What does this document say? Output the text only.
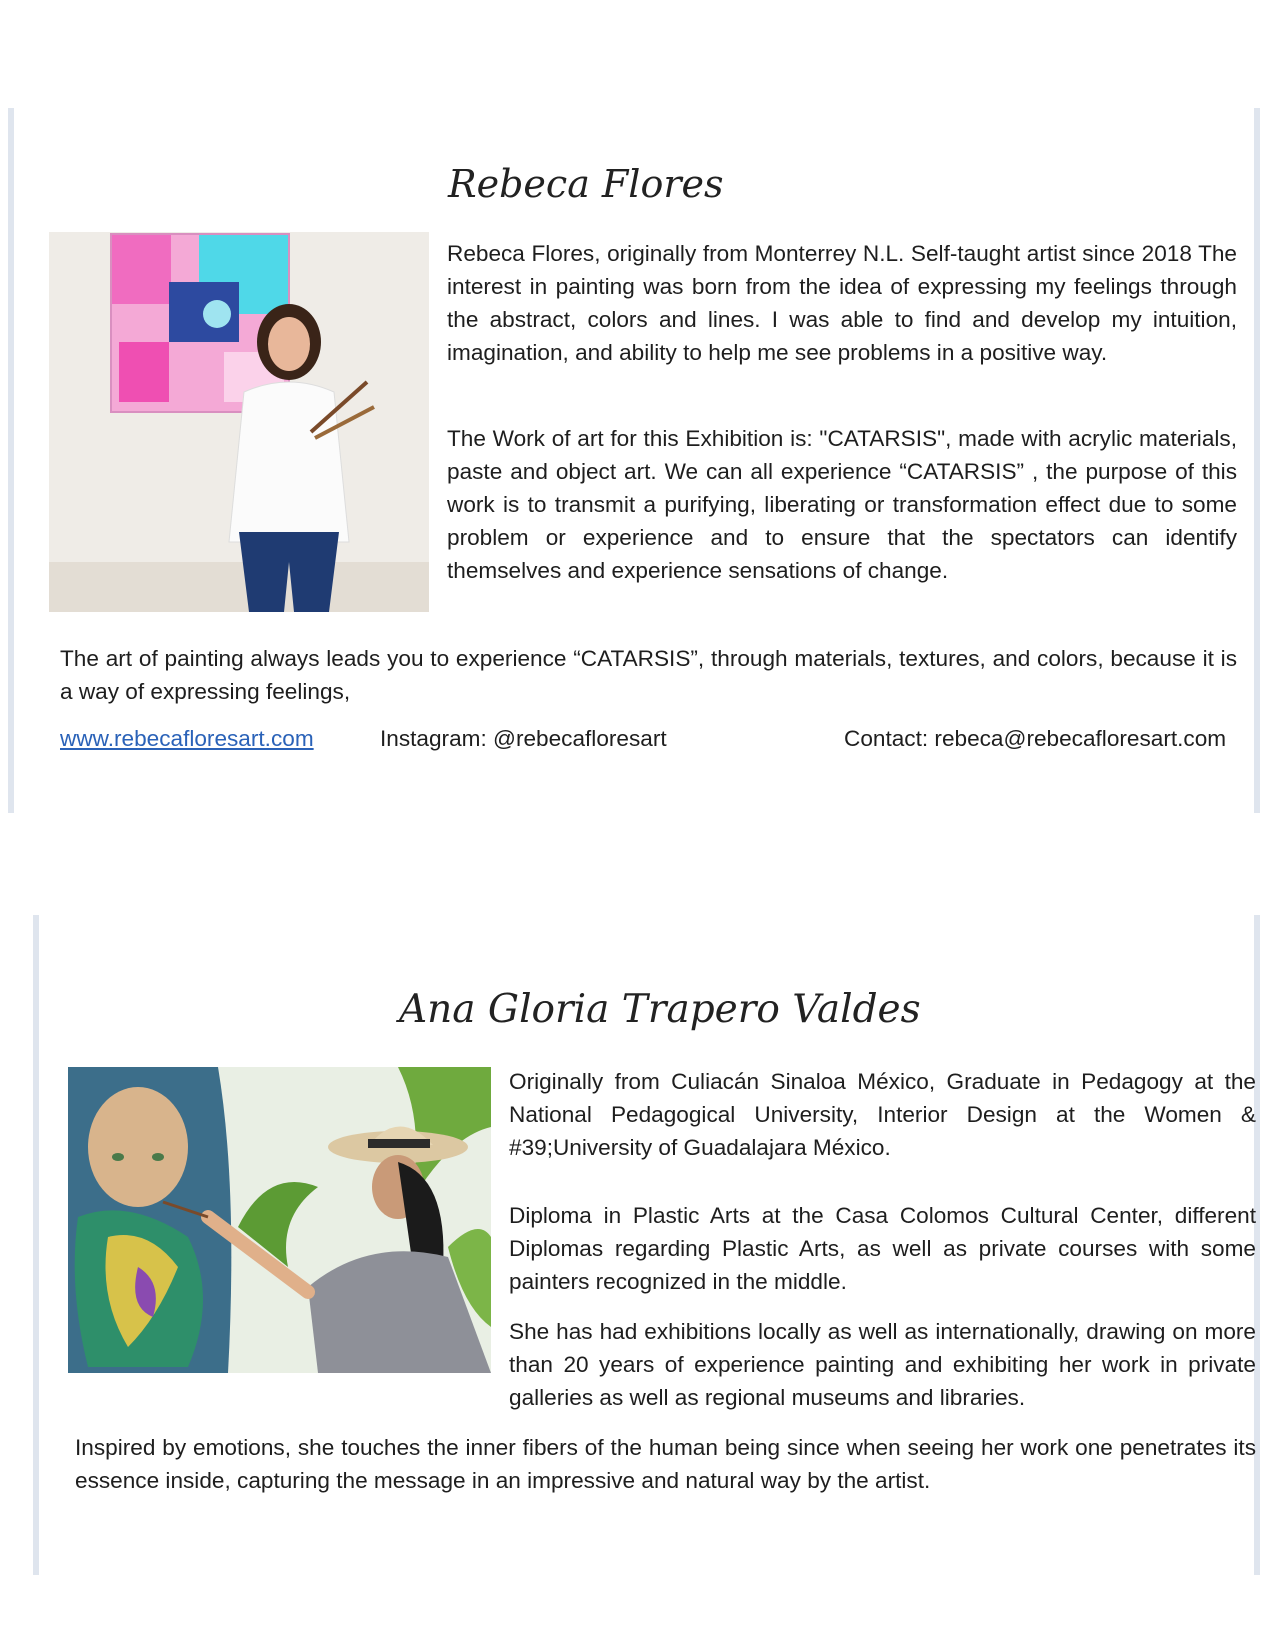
Rebeca Flores

Rebeca Flores, originally from Monterrey N.L. Self-taught artist since 2018 The interest in painting was born from the idea of expressing my feelings through the abstract, colors and lines. I was able to find and develop my intuition, imagination, and ability to help me see problems in a positive way.

The Work of art for this Exhibition is: "CATARSIS", made with acrylic materials, paste and object art. We can all experience “CATARSIS” , the purpose of this work is to transmit a purifying, liberating or transformation effect due to some problem or experience and to ensure that the spectators can identify themselves and experience sensations of change.

The art of painting always leads you to experience “CATARSIS”, through materials, textures, and colors, because it is a way of expressing feelings,

www.rebecafloresart.com	Instagram: @rebecafloresart	Contact: rebeca@rebecafloresart.com
Ana Gloria Trapero Valdes

Originally from Culiacán Sinaloa México, Graduate in Pedagogy at the National Pedagogical University, Interior Design at the Women & #39;University of Guadalajara México.

Diploma in Plastic Arts at the Casa Colomos Cultural Center, different Diplomas regarding Plastic Arts, as well as private courses with some painters recognized in the middle.

She has had exhibitions locally as well as internationally, drawing on more than 20 years of experience painting and exhibiting her work in private galleries as well as regional museums and libraries.

Inspired by emotions, she touches the inner fibers of the human being since when seeing her work one penetrates its essence inside, capturing the message in an impressive and natural way by the artist.
